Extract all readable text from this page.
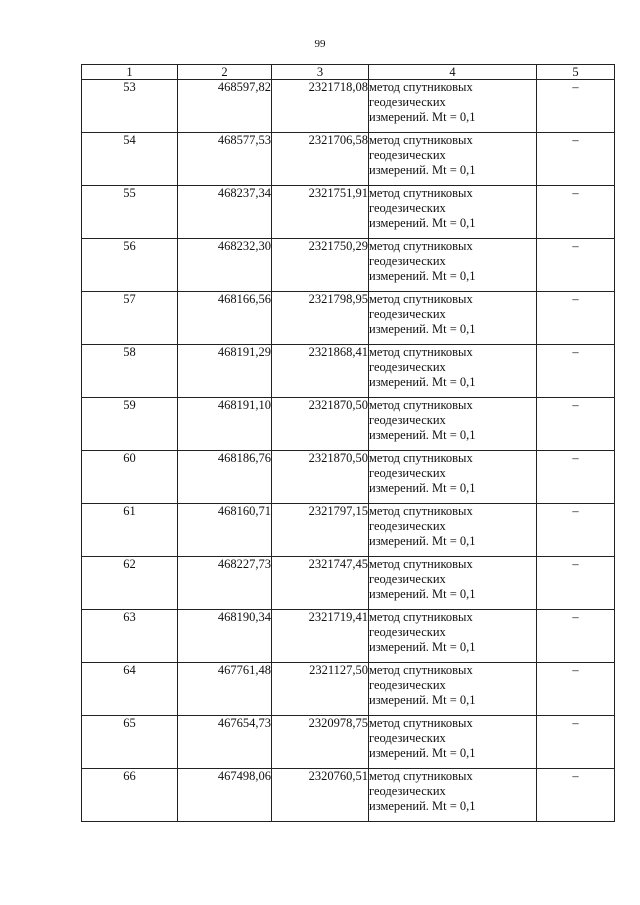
99
1	2	3	4	5
53	468597,82	2321718,08	метод спутниковых
геодезических
измерений. Mt = 0,1	–
54	468577,53	2321706,58	метод спутниковых
геодезических
измерений. Mt = 0,1	–
55	468237,34	2321751,91	метод спутниковых
геодезических
измерений. Mt = 0,1	–
56	468232,30	2321750,29	метод спутниковых
геодезических
измерений. Mt = 0,1	–
57	468166,56	2321798,95	метод спутниковых
геодезических
измерений. Mt = 0,1	–
58	468191,29	2321868,41	метод спутниковых
геодезических
измерений. Mt = 0,1	–
59	468191,10	2321870,50	метод спутниковых
геодезических
измерений. Mt = 0,1	–
60	468186,76	2321870,50	метод спутниковых
геодезических
измерений. Mt = 0,1	–
61	468160,71	2321797,15	метод спутниковых
геодезических
измерений. Mt = 0,1	–
62	468227,73	2321747,45	метод спутниковых
геодезических
измерений. Mt = 0,1	–
63	468190,34	2321719,41	метод спутниковых
геодезических
измерений. Mt = 0,1	–
64	467761,48	2321127,50	метод спутниковых
геодезических
измерений. Mt = 0,1	–
65	467654,73	2320978,75	метод спутниковых
геодезических
измерений. Mt = 0,1	–
66	467498,06	2320760,51	метод спутниковых
геодезических
измерений. Mt = 0,1	–
